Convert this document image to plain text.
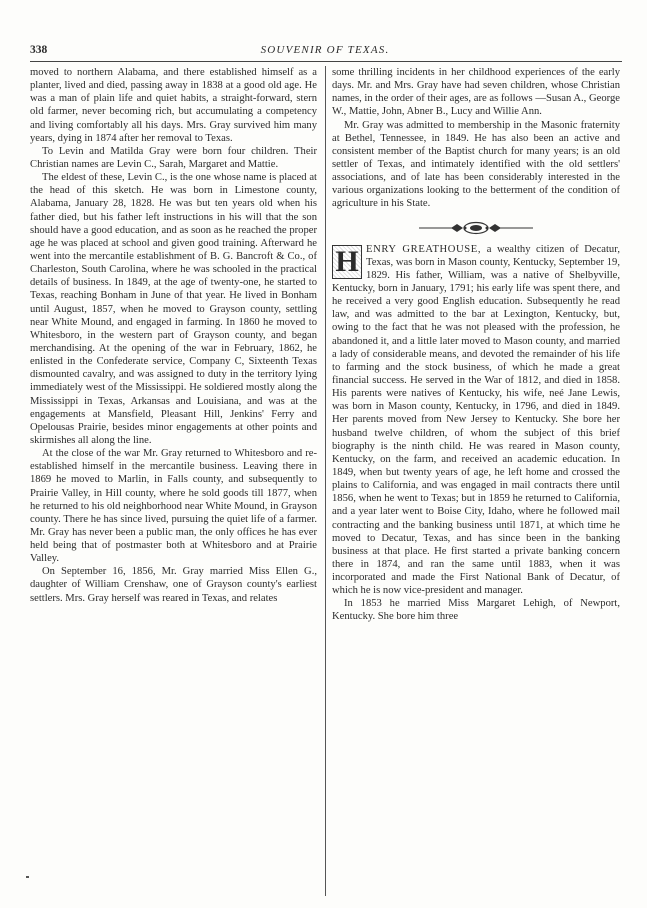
338	SOUVENIR OF TEXAS.

moved to northern Alabama, and there established himself as a planter, lived and died, passing away in 1838 at a good old age. He was a man of plain life and quiet habits, a straight-forward, stern old farmer, never becoming rich, but accumulating a competency and living comfortably all his days. Mrs. Gray survived him many years, dying in 1874 after her removal to Texas.

To Levin and Matilda Gray were born four children. Their Christian names are Levin C., Sarah, Margaret and Mattie.

The eldest of these, Levin C., is the one whose name is placed at the head of this sketch. He was born in Limestone county, Alabama, January 28, 1828. He was but ten years old when his father died, but his father left instructions in his will that the son should have a good education, and as soon as he reached the proper age he was placed at school and given good training. Afterward he went into the mercantile establishment of B. G. Bancroft & Co., of Charleston, South Carolina, where he was schooled in the practical details of business. In 1849, at the age of twenty-one, he started to Texas, reaching Bonham in June of that year. He lived in Bonham until August, 1857, when he moved to Grayson county, settling near White Mound, and engaged in farming. In 1860 he moved to Whitesboro, in the western part of Grayson county, and began merchandising. At the opening of the war in February, 1862, he enlisted in the Confederate service, Company C, Sixteenth Texas dismounted cavalry, and was assigned to duty in the territory lying immediately west of the Mississippi. He soldiered mostly along the Mississippi in Texas, Arkansas and Louisiana, and was at the engagements at Mansfield, Pleasant Hill, Jenkins' Ferry and Opelousas Prairie, besides minor engagements at other points and skirmishes all along the line.

At the close of the war Mr. Gray returned to Whitesboro and re-established himself in the mercantile business. Leaving there in 1869 he moved to Marlin, in Falls county, and subsequently to Prairie Valley, in Hill county, where he sold goods till 1877, when he returned to his old neighborhood near White Mound, in Grayson county. There he has since lived, pursuing the quiet life of a farmer. Mr. Gray has never been a public man, the only offices he has ever held being that of postmaster both at Whitesboro and at Prairie Valley.

On September 16, 1856, Mr. Gray married Miss Ellen G., daughter of William Crenshaw, one of Grayson county's earliest settlers. Mrs. Gray herself was reared in Texas, and relates

some thrilling incidents in her childhood experiences of the early days. Mr. and Mrs. Gray have had seven children, whose Christian names, in the order of their ages, are as follows —Susan A., George W., Mattie, John, Abner B., Lucy and Willie Ann.

Mr. Gray was admitted to membership in the Masonic fraternity at Bethel, Tennessee, in 1849. He has also been an active and consistent member of the Baptist church for many years; is an old settler of Texas, and intimately identified with the old settlers' associations, and of late has been considerably interested in the various organizations looking to the betterment of the condition of agriculture in his State.

H ENRY GREATHOUSE, a wealthy citizen of Decatur, Texas, was born in Mason county, Kentucky, September 19, 1829. His father, William, was a native of Shelbyville, Kentucky, born in January, 1791; his early life was spent there, and he received a very good English education. Subsequently he read law, and was admitted to the bar at Lexington, Kentucky, but, owing to the fact that he was not pleased with the profession, he abandoned it, and a little later moved to Mason county, and married a lady of considerable means, and devoted the remainder of his life to farming and the stock business, of which he made a great financial success. He served in the War of 1812, and died in 1858. His parents were natives of Kentucky, his wife, neé Jane Lewis, was born in Mason county, Kentucky, in 1796, and died in 1849. Her parents moved from New Jersey to Kentucky. She bore her husband twelve children, of whom the subject of this brief biography is the ninth child. He was reared in Mason county, Kentucky, on the farm, and received an academic education. In 1849, when but twenty years of age, he left home and crossed the plains to California, and was engaged in mail contracts there until 1856, when he went to Texas; but in 1859 he returned to California, and a year later went to Boise City, Idaho, where he followed mail contracting and the banking business until 1871, at which time he moved to Decatur, Texas, and has since been in the banking business at that place. He first started a private banking concern there in 1874, and ran the same until 1883, when it was incorporated and made the First National Bank of Decatur, of which he is now vice-president and manager.

In 1853 he married Miss Margaret Lehigh, of Newport, Kentucky. She bore him three
